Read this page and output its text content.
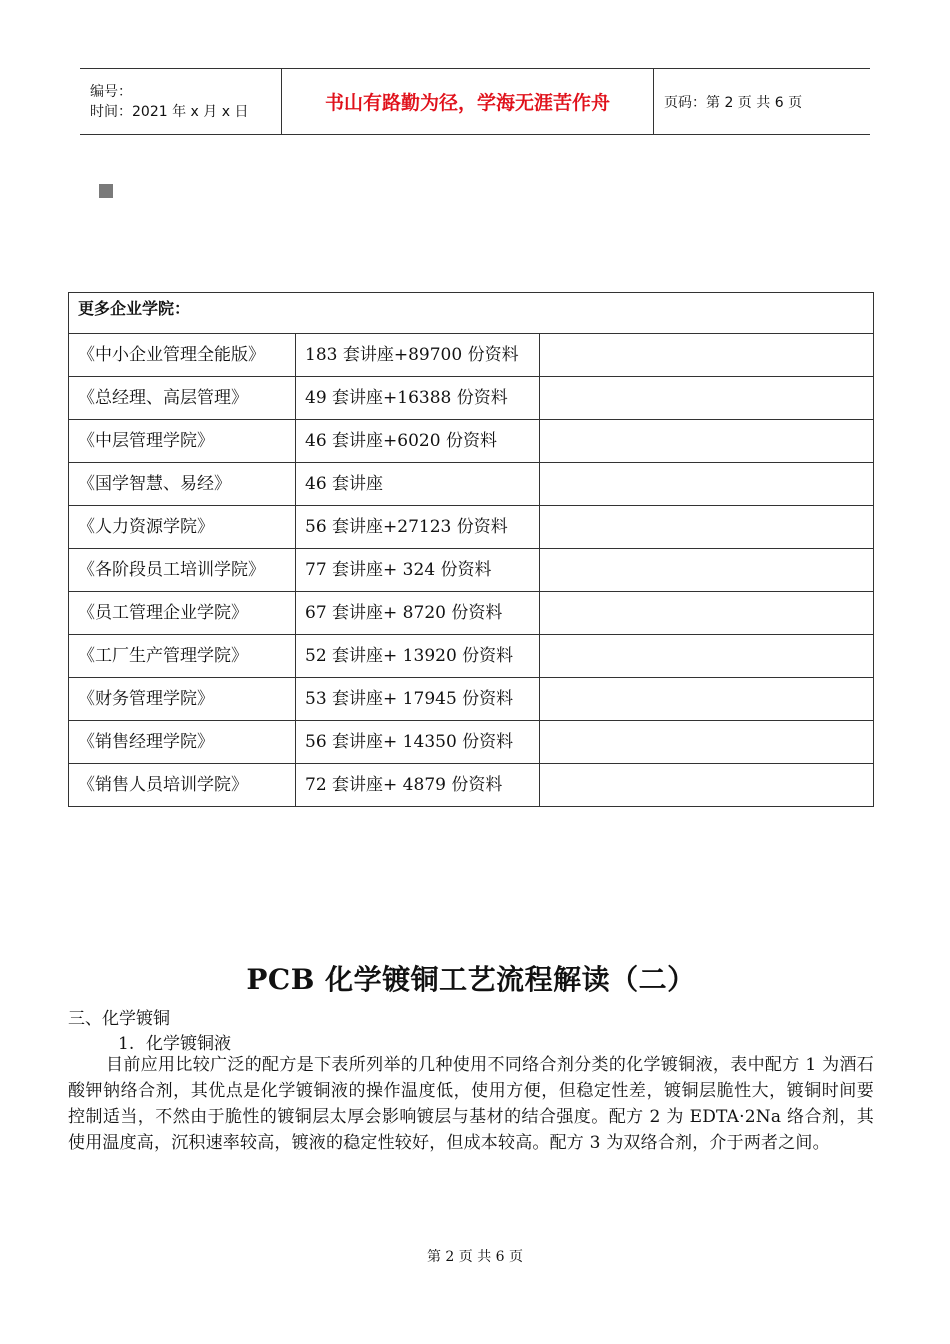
编号：
时间：2021 年 x 月 x 日	书山有路勤为径，学海无涯苦作舟	页码：第 2 页 共 6 页
更多企业学院：		
《中小企业管理全能版》	183 套讲座+89700 份资料	
《总经理、高层管理》	49 套讲座+16388 份资料	
《中层管理学院》	46 套讲座+6020 份资料	
《国学智慧、易经》	46 套讲座	
《人力资源学院》	56 套讲座+27123 份资料	
《各阶段员工培训学院》	77 套讲座+ 324 份资料	
《员工管理企业学院》	67 套讲座+ 8720 份资料	
《工厂生产管理学院》	52 套讲座+ 13920 份资料	
《财务管理学院》	53 套讲座+ 17945 份资料	
《销售经理学院》	56 套讲座+ 14350 份资料	
《销售人员培训学院》	72 套讲座+ 4879 份资料	
PCB 化学镀铜工艺流程解读（二）
三、化学镀铜
1. 化学镀铜液
目前应用比较广泛的配方是下表所列举的几种使用不同络合剂分类的化学镀铜液，表中配方 1 为酒石酸钾钠络合剂，其优点是化学镀铜液的操作温度低，使用方便，但稳定性差，镀铜层脆性大，镀铜时间要控制适当，不然由于脆性的镀铜层太厚会影响镀层与基材的结合强度。配方 2 为 EDTA·2Na 络合剂，其使用温度高，沉积速率较高，镀液的稳定性较好，但成本较高。配方 3 为双络合剂，介于两者之间。
第 2 页 共 6 页
